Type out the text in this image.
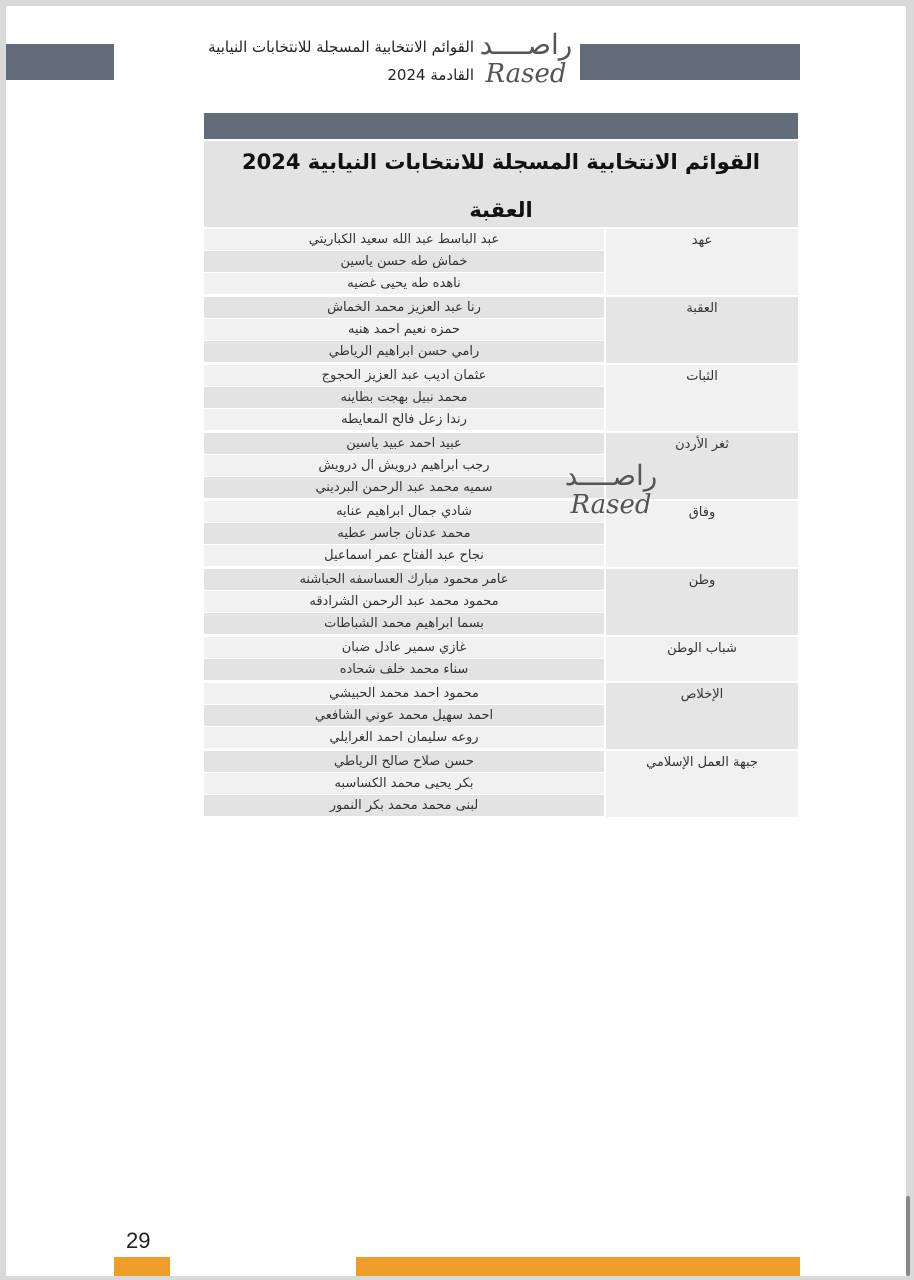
القوائم الانتخابية المسجلة للانتخابات النيابية
القادمة 2024
راصــــد
Rased
القوائم الانتخابية المسجلة للانتخابات النيابية 2024
العقبة
عهد
عبد الباسط عبد الله سعيد الكباريتي
خماش طه حسن ياسين
ناهده طه يحيى غضيه
العقبة
رنا عبد العزيز محمد الخماش
حمزه نعيم احمد هنيه
رامي حسن ابراهيم الرياطي
الثبات
عثمان اديب عبد العزيز الحجوج
محمد نبيل بهجت بطاينه
رندا زعل فالح المعايطه
ثغر الأردن
عبيد احمد عبيد ياسين
رجب ابراهيم درويش ال درويش
سميه محمد عبد الرحمن البرديني
وفاق
شادي جمال ابراهيم عنايه
محمد عدنان جاسر عطيه
نجاح عبد الفتاح عمر اسماعيل
وطن
عامر محمود مبارك العساسفه الحباشنه
محمود محمد عبد الرحمن الشرادقه
بسما ابراهيم محمد الشباطات
شباب الوطن
غازي سمير عادل ضبان
سناء محمد خلف شحاده
الإخلاص
محمود احمد محمد الحبيشي
احمد سهيل محمد عوني الشافعي
روعه سليمان احمد الغرايلي
جبهة العمل الإسلامي
حسن صلاح صالح الرياطي
بكر يحيى محمد الكساسبه
لبنى محمد محمد بكر النمور
راصــــد
Rased
29
